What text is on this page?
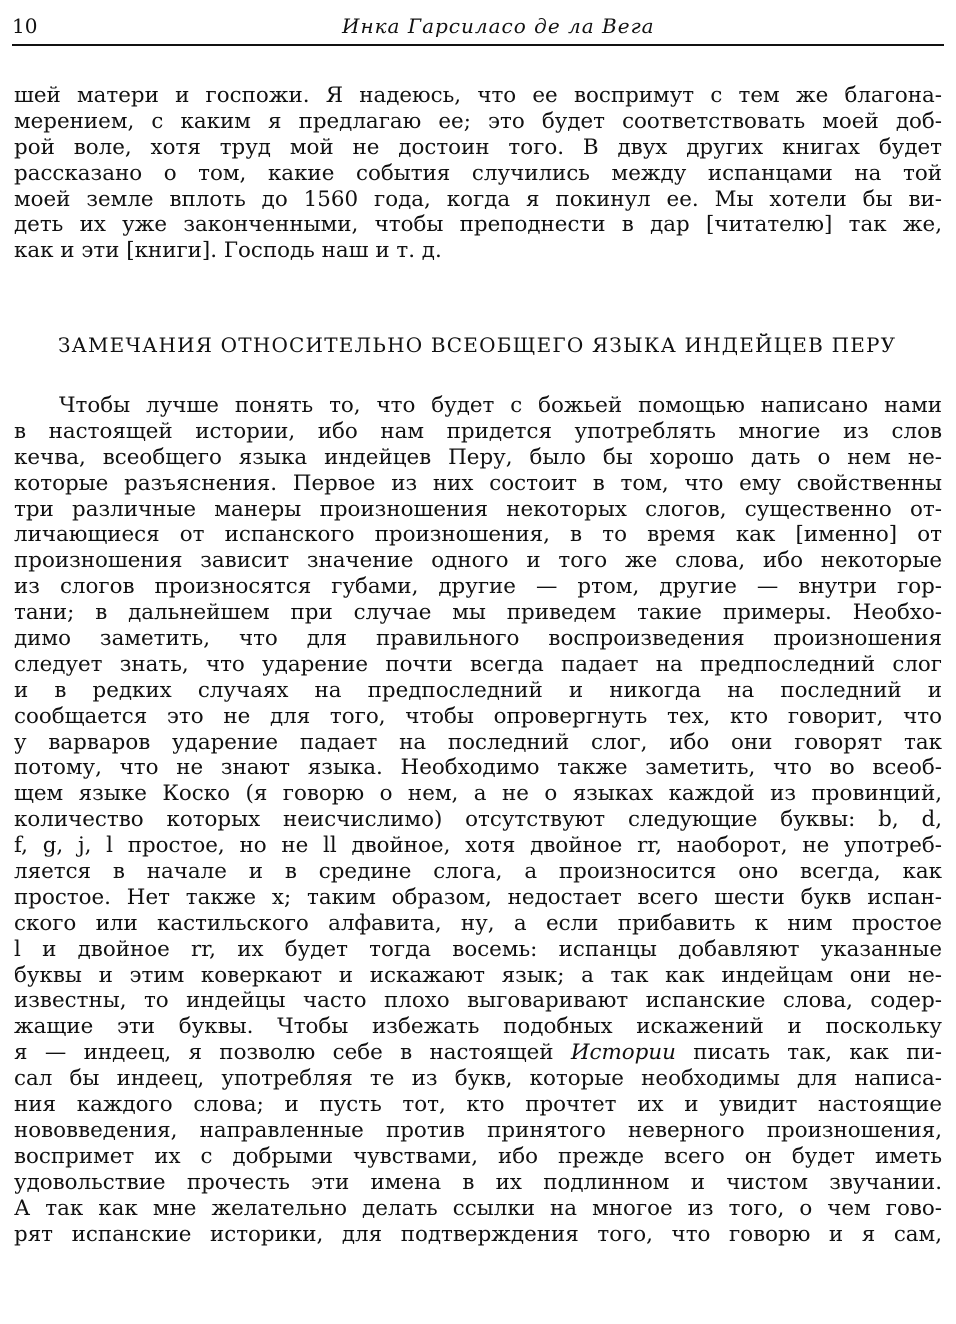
10	Инка Гарсиласо де ла Вега
шей матери и госпожи. Я надеюсь, что ее воспримут с тем же благона-
мерением, с каким я предлагаю ее; это будет соответствовать моей доб-
рой воле, хотя труд мой не достоин того. В двух других книгах будет
рассказано о том, какие события случились между испанцами на той
моей земле вплоть до 1560 года, когда я покинул ее. Мы хотели бы ви-
деть их уже законченными, чтобы преподнести в дар [читателю] так же,
как и эти [книги]. Господь наш и т. д.
ЗАМЕЧАНИЯ ОТНОСИТЕЛЬНО ВСЕОБЩЕГО ЯЗЫКА ИНДЕЙЦЕВ ПЕРУ
Чтобы лучше понять то, что будет с божьей помощью написано нами
в настоящей истории, ибо нам придется употреблять многие из слов
кечва, всеобщего языка индейцев Перу, было бы хорошо дать о нем не-
которые разъяснения. Первое из них состоит в том, что ему свойственны
три различные манеры произношения некоторых слогов, существенно от-
личающиеся от испанского произношения, в то время как [именно] от
произношения зависит значение одного и того же слова, ибо некоторые
из слогов произносятся губами, другие — ртом, другие — внутри гор-
тани; в дальнейшем при случае мы приведем такие примеры. Необхо-
димо заметить, что для правильного воспроизведения произношения
следует знать, что ударение почти всегда падает на предпоследний слог
и в редких случаях на предпоследний и никогда на последний и
сообщается это не для того, чтобы опровергнуть тех, кто говорит, что
у варваров ударение падает на последний слог, ибо они говорят так
потому, что не знают языка. Необходимо также заметить, что во всеоб-
щем языке Коско (я говорю о нем, а не о языках каждой из провинций,
количество которых неисчислимо) отсутствуют следующие буквы: b, d,
f, g, j, l простое, но не ll двойное, хотя двойное rr, наоборот, не употреб-
ляется в начале и в средине слога, а произносится оно всегда, как
простое. Нет также x; таким образом, недостает всего шести букв испан-
ского или кастильского алфавита, ну, а если прибавить к ним простое
l и двойное rr, их будет тогда восемь: испанцы добавляют указанные
буквы и этим коверкают и искажают язык; а так как индейцам они не-
известны, то индейцы часто плохо выговаривают испанские слова, содер-
жащие эти буквы. Чтобы избежать подобных искажений и поскольку
я — индеец, я позволю себе в настоящей Истории писать так, как пи-
сал бы индеец, употребляя те из букв, которые необходимы для написа-
ния каждого слова; и пусть тот, кто прочтет их и увидит настоящие
нововведения, направленные против принятого неверного произношения,
воспримет их с добрыми чувствами, ибо прежде всего он будет иметь
удовольствие прочесть эти имена в их подлинном и чистом звучании.
А так как мне желательно делать ссылки на многое из того, о чем гово-
рят испанские историки, для подтверждения того, что говорю и я сам,
